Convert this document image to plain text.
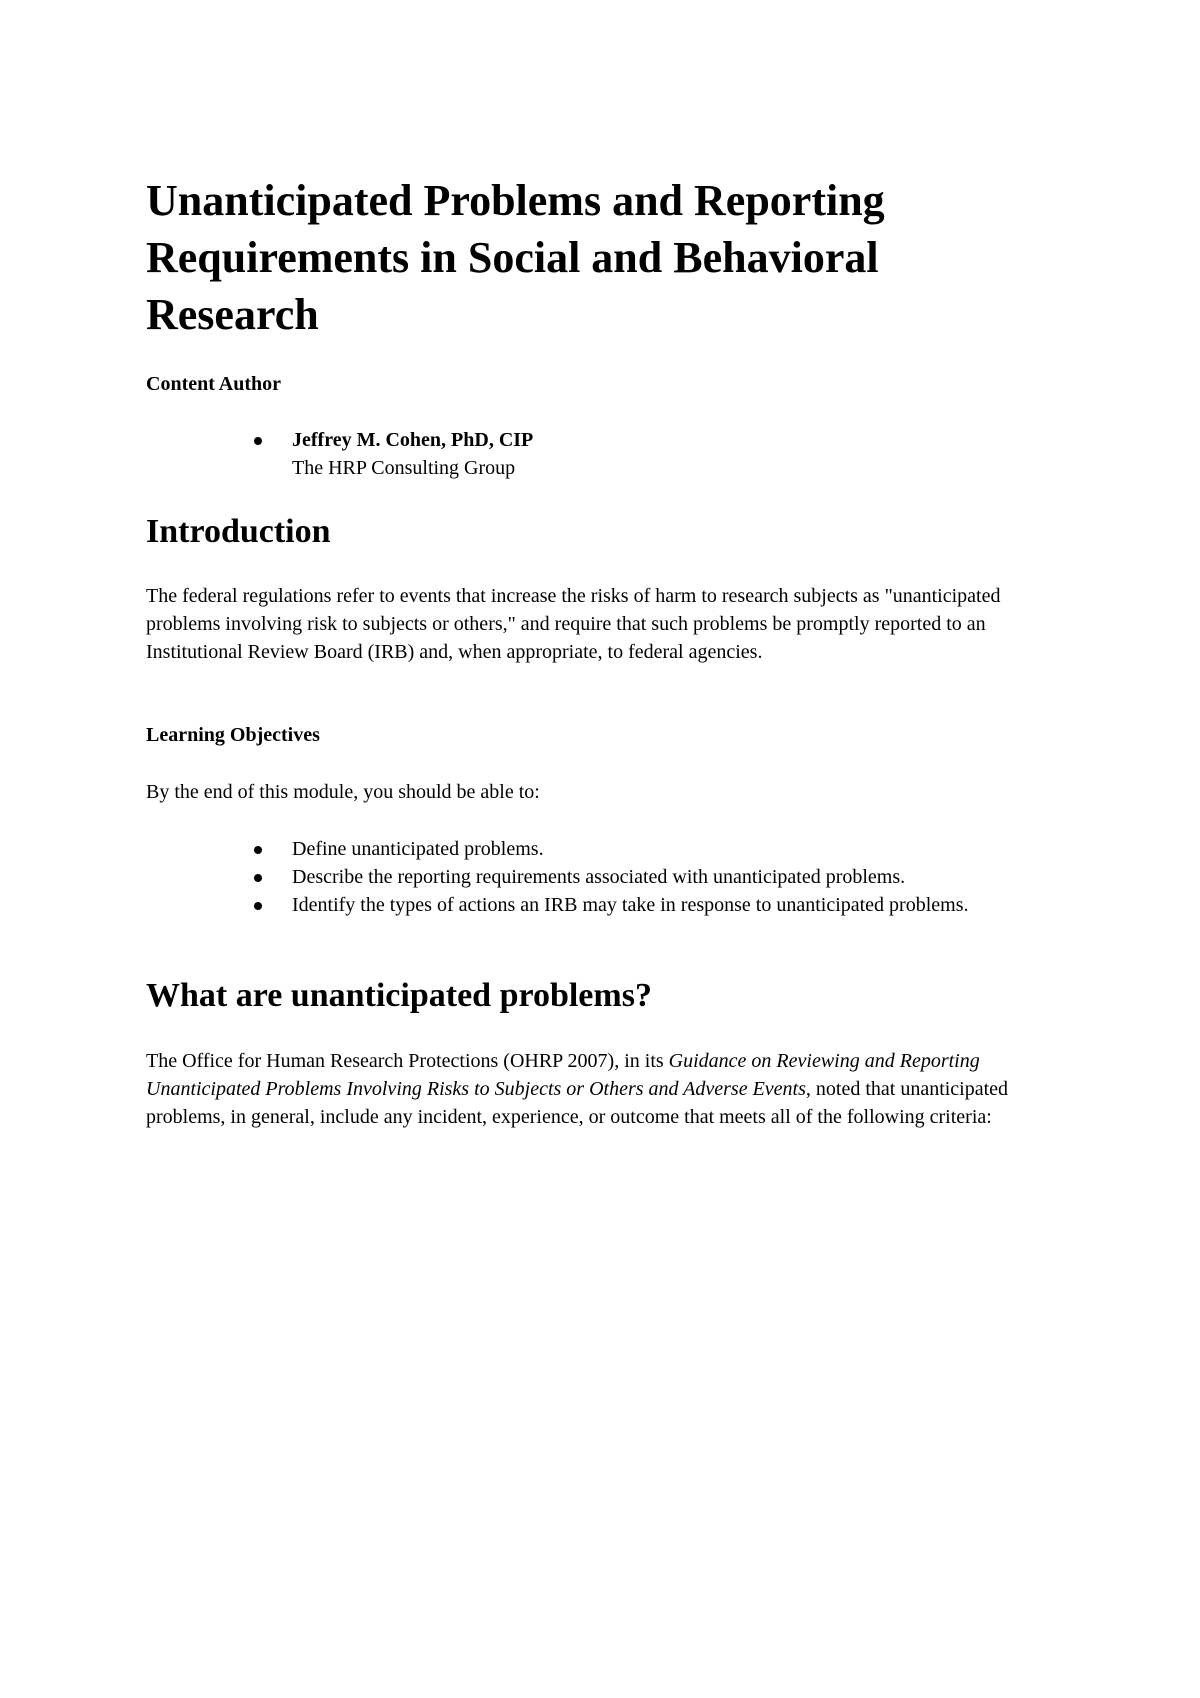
Unanticipated Problems and Reporting Requirements in Social and Behavioral Research

Content Author

Jeffrey M. Cohen, PhD, CIP
The HRP Consulting Group
Introduction

The federal regulations refer to events that increase the risks of harm to research subjects as "unanticipated problems involving risk to subjects or others," and require that such problems be promptly reported to an Institutional Review Board (IRB) and, when appropriate, to federal agencies.

Learning Objectives

By the end of this module, you should be able to:

Define unanticipated problems.
Describe the reporting requirements associated with unanticipated problems.
Identify the types of actions an IRB may take in response to unanticipated problems.
What are unanticipated problems?

The Office for Human Research Protections (OHRP 2007), in its Guidance on Reviewing and Reporting Unanticipated Problems Involving Risks to Subjects or Others and Adverse Events, noted that unanticipated problems, in general, include any incident, experience, or outcome that meets all of the following criteria:
